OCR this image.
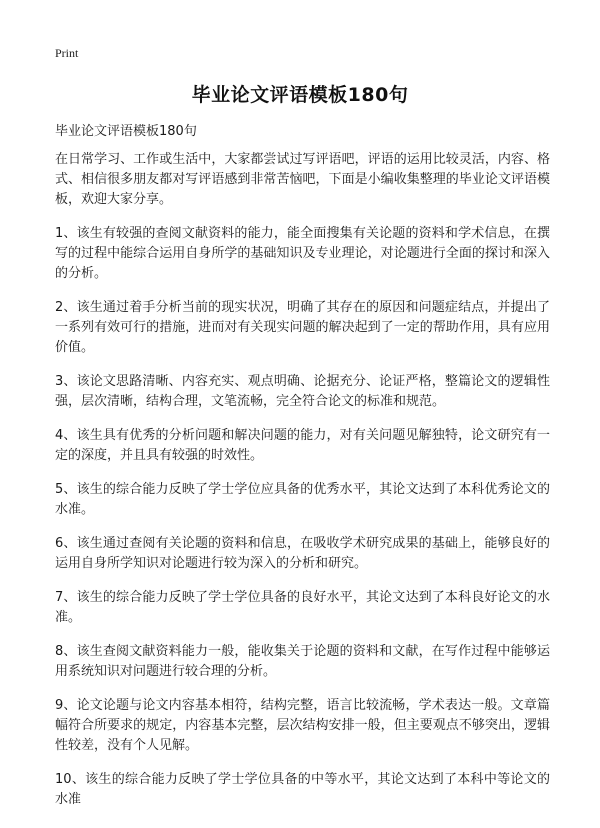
Print
毕业论文评语模板180句

毕业论文评语模板180句

在日常学习、工作或生活中，大家都尝试过写评语吧，评语的运用比较灵活，内容、格式、相信很多朋友都对写评语感到非常苦恼吧，下面是小编收集整理的毕业论文评语模板，欢迎大家分享。

1、该生有较强的查阅文献资料的能力，能全面搜集有关论题的资料和学术信息，在撰写的过程中能综合运用自身所学的基础知识及专业理论，对论题进行全面的探讨和深入的分析。

2、该生通过着手分析当前的现实状况，明确了其存在的原因和问题症结点，并提出了一系列有效可行的措施，进而对有关现实问题的解决起到了一定的帮助作用，具有应用价值。

3、该论文思路清晰、内容充实、观点明确、论据充分、论证严格，整篇论文的逻辑性强，层次清晰，结构合理，文笔流畅，完全符合论文的标准和规范。

4、该生具有优秀的分析问题和解决问题的能力，对有关问题见解独特，论文研究有一定的深度，并且具有较强的时效性。

5、该生的综合能力反映了学士学位应具备的优秀水平，其论文达到了本科优秀论文的水准。

6、该生通过查阅有关论题的资料和信息，在吸收学术研究成果的基础上，能够良好的运用自身所学知识对论题进行较为深入的分析和研究。

7、该生的综合能力反映了学士学位具备的良好水平，其论文达到了本科良好论文的水准。

8、该生查阅文献资料能力一般，能收集关于论题的资料和文献，在写作过程中能够运用系统知识对问题进行较合理的分析。

9、论文论题与论文内容基本相符，结构完整，语言比较流畅，学术表达一般。文章篇幅符合所要求的规定，内容基本完整，层次结构安排一般，但主要观点不够突出，逻辑性较差，没有个人见解。

10、该生的综合能力反映了学士学位具备的中等水平，其论文达到了本科中等论文的水准
